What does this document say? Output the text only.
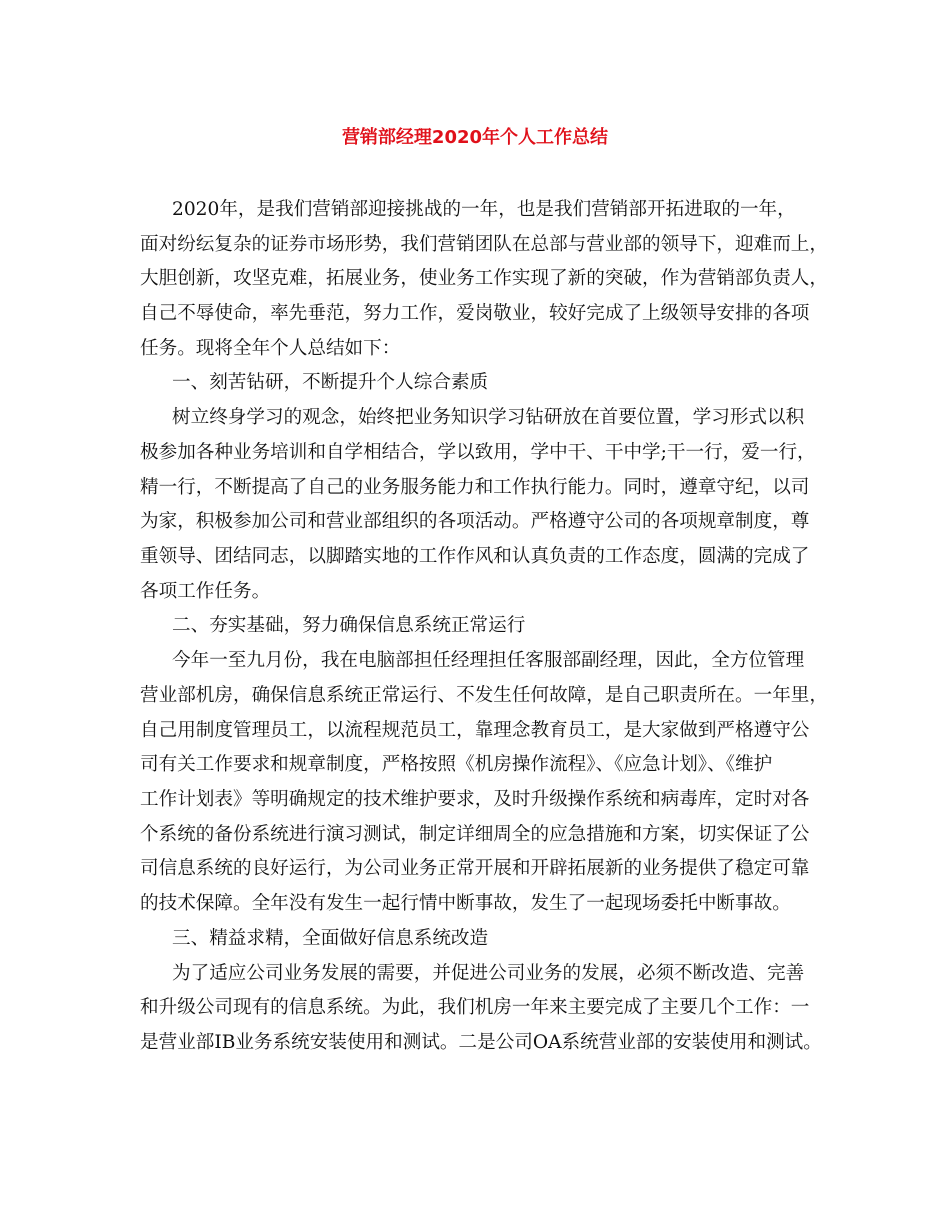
营销部经理2020年个人工作总结
2020年，是我们营销部迎接挑战的一年，也是我们营销部开拓进取的一年，
面对纷纭复杂的证券市场形势，我们营销团队在总部与营业部的领导下，迎难而上，
大胆创新，攻坚克难，拓展业务，使业务工作实现了新的突破，作为营销部负责人，
自己不辱使命，率先垂范，努力工作，爱岗敬业，较好完成了上级领导安排的各项
任务。现将全年个人总结如下：
一、刻苦钻研，不断提升个人综合素质
树立终身学习的观念，始终把业务知识学习钻研放在首要位置，学习形式以积
极参加各种业务培训和自学相结合，学以致用，学中干、干中学;干一行，爱一行，
精一行，不断提高了自己的业务服务能力和工作执行能力。同时，遵章守纪，以司
为家，积极参加公司和营业部组织的各项活动。严格遵守公司的各项规章制度，尊
重领导、团结同志，以脚踏实地的工作作风和认真负责的工作态度，圆满的完成了
各项工作任务。
二、夯实基础，努力确保信息系统正常运行
今年一至九月份，我在电脑部担任经理担任客服部副经理，因此，全方位管理
营业部机房，确保信息系统正常运行、不发生任何故障，是自己职责所在。一年里，
自己用制度管理员工，以流程规范员工，靠理念教育员工，是大家做到严格遵守公
司有关工作要求和规章制度，严格按照《机房操作流程》、《应急计划》、《维护
工作计划表》等明确规定的技术维护要求，及时升级操作系统和病毒库，定时对各
个系统的备份系统进行演习测试，制定详细周全的应急措施和方案，切实保证了公
司信息系统的良好运行，为公司业务正常开展和开辟拓展新的业务提供了稳定可靠
的技术保障。全年没有发生一起行情中断事故，发生了一起现场委托中断事故。
三、精益求精，全面做好信息系统改造
为了适应公司业务发展的需要，并促进公司业务的发展，必须不断改造、完善
和升级公司现有的信息系统。为此，我们机房一年来主要完成了主要几个工作：一
是营业部IB业务系统安装使用和测试。二是公司OA系统营业部的安装使用和测试。
